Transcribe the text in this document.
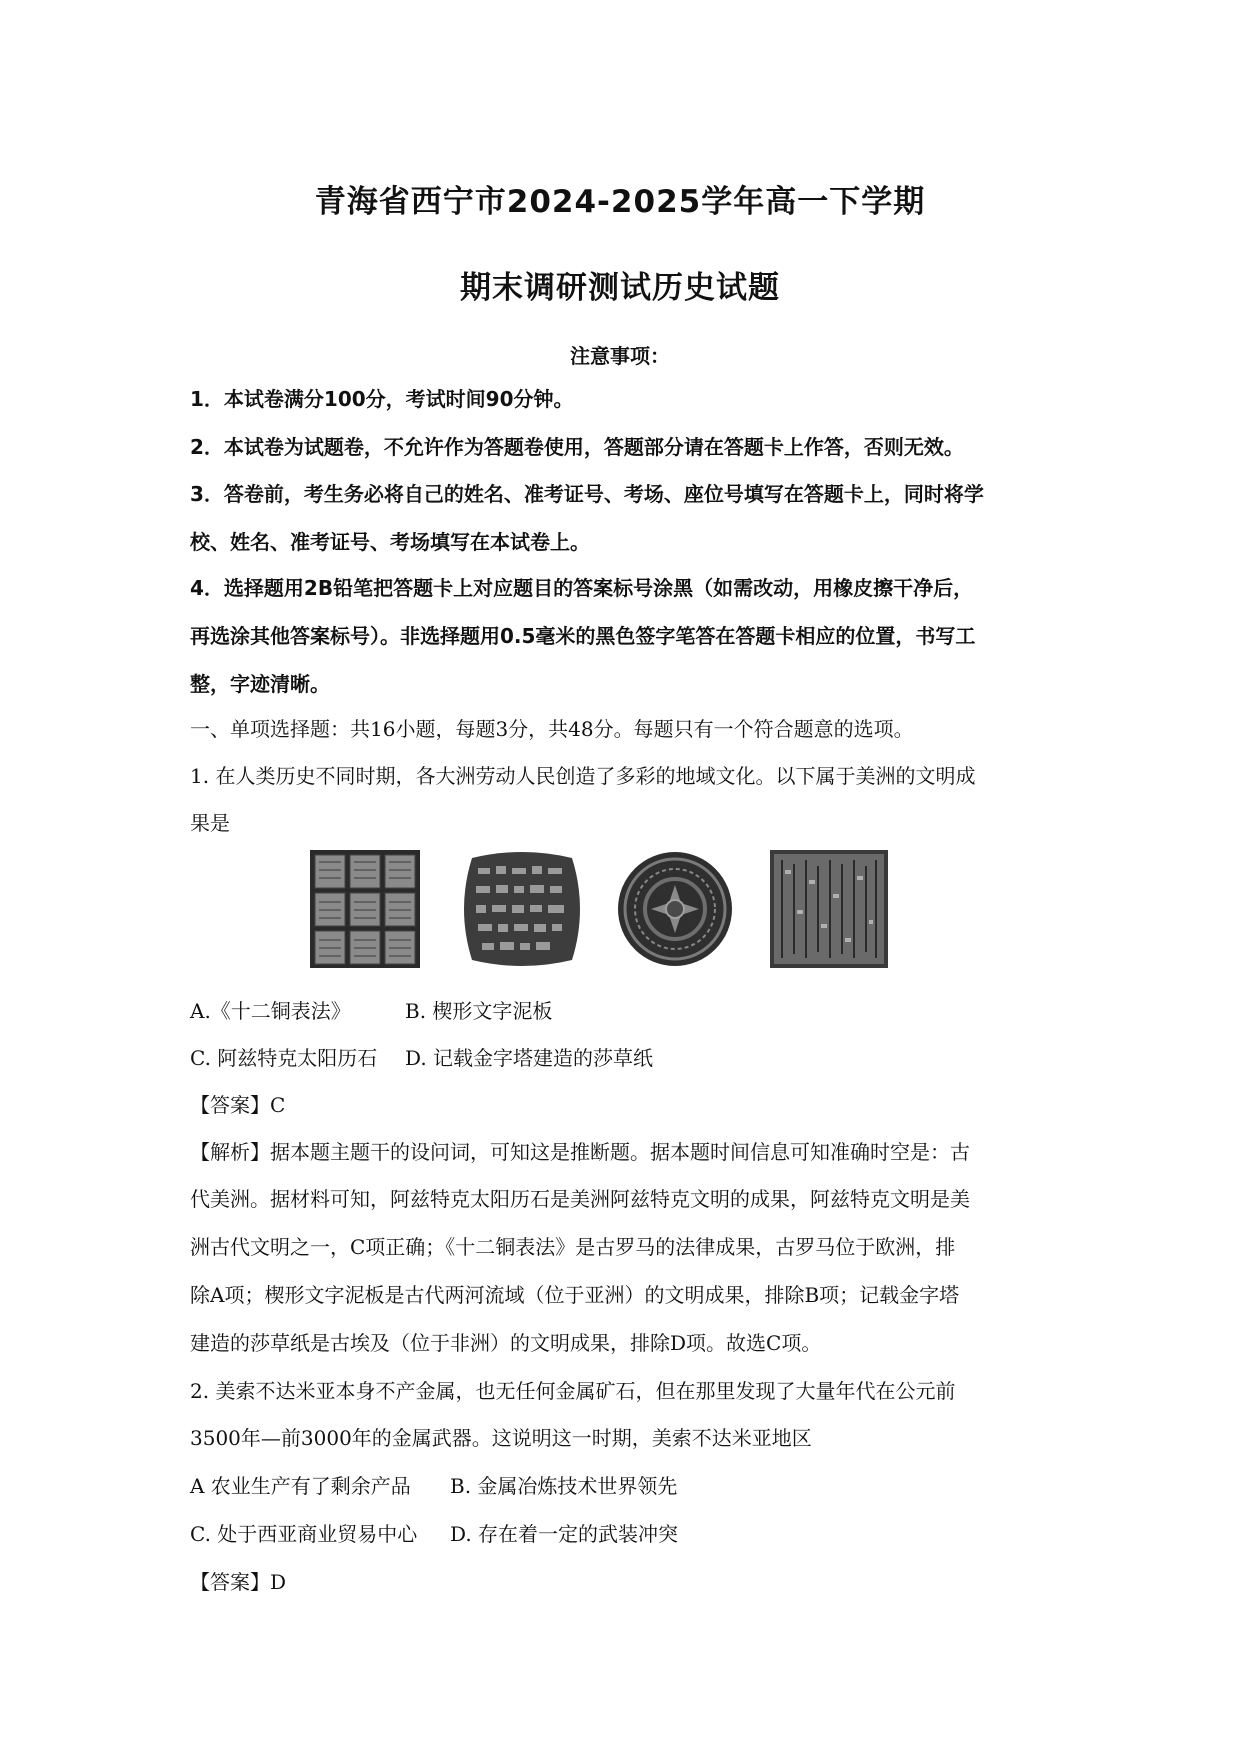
青海省西宁市2024-2025学年高一下学期
期末调研测试历史试题
注意事项：
1．本试卷满分100分，考试时间90分钟。
2．本试卷为试题卷，不允许作为答题卷使用，答题部分请在答题卡上作答，否则无效。
3．答卷前，考生务必将自己的姓名、准考证号、考场、座位号填写在答题卡上，同时将学
校、姓名、准考证号、考场填写在本试卷上。
4．选择题用2B铅笔把答题卡上对应题目的答案标号涂黑（如需改动，用橡皮擦干净后，
再选涂其他答案标号）。非选择题用0.5毫米的黑色签字笔答在答题卡相应的位置，书写工
整，字迹清晰。
一、单项选择题：共16小题，每题3分，共48分。每题只有一个符合题意的选项。
1. 在人类历史不同时期，各大洲劳动人民创造了多彩的地域文化。以下属于美洲的文明成
果是
A.《十二铜表法》	B. 楔形文字泥板
C. 阿兹特克太阳历石 D. 记载金字塔建造的莎草纸
【答案】C
【解析】据本题主题干的设问词，可知这是推断题。据本题时间信息可知准确时空是：古
代美洲。据材料可知，阿兹特克太阳历石是美洲阿兹特克文明的成果，阿兹特克文明是美
洲古代文明之一，C项正确；《十二铜表法》是古罗马的法律成果，古罗马位于欧洲，排
除A项；楔形文字泥板是古代两河流域（位于亚洲）的文明成果，排除B项；记载金字塔
建造的莎草纸是古埃及（位于非洲）的文明成果，排除D项。故选C项。
2. 美索不达米亚本身不产金属，也无任何金属矿石，但在那里发现了大量年代在公元前
3500年—前3000年的金属武器。这说明这一时期，美索不达米亚地区
A 农业生产有了剩余产品 B. 金属冶炼技术世界领先
C. 处于西亚商业贸易中心 D. 存在着一定的武装冲突
【答案】D
